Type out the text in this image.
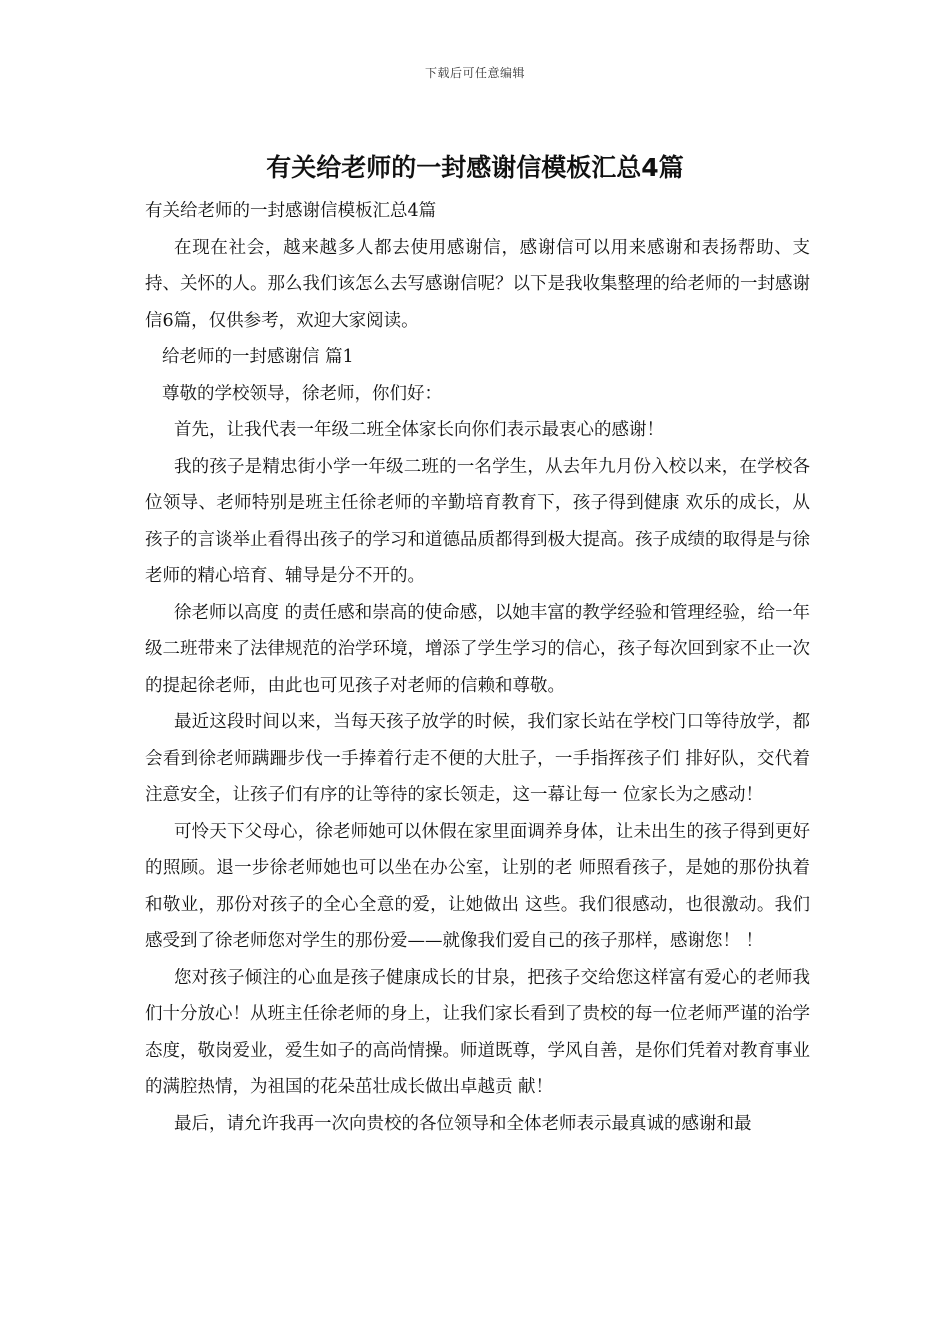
下载后可任意编辑
有关给老师的一封感谢信模板汇总4篇

有关给老师的一封感谢信模板汇总4篇

在现在社会，越来越多人都去使用感谢信，感谢信可以用来感谢和表扬帮助、支持、关怀的人。那么我们该怎么去写感谢信呢？以下是我收集整理的给老师的一封感谢信6篇，仅供参考，欢迎大家阅读。

给老师的一封感谢信 篇1

尊敬的学校领导，徐老师，你们好：

首先，让我代表一年级二班全体家长向你们表示最衷心的感谢！

我的孩子是精忠街小学一年级二班的一名学生，从去年九月份入校以来，在学校各位领导、老师特别是班主任徐老师的辛勤培育教育下，孩子得到健康 欢乐的成长，从孩子的言谈举止看得出孩子的学习和道德品质都得到极大提高。孩子成绩的取得是与徐老师的精心培育、辅导是分不开的。

徐老师以高度 的责任感和崇高的使命感，以她丰富的教学经验和管理经验，给一年级二班带来了法律规范的治学环境，增添了学生学习的信心，孩子每次回到家不止一次的提起徐老师，由此也可见孩子对老师的信赖和尊敬。

最近这段时间以来，当每天孩子放学的时候，我们家长站在学校门口等待放学，都会看到徐老师蹒跚步伐一手捧着行走不便的大肚子，一手指挥孩子们 排好队，交代着注意安全，让孩子们有序的让等待的家长领走，这一幕让每一 位家长为之感动！

可怜天下父母心，徐老师她可以休假在家里面调养身体，让未出生的孩子得到更好的照顾。退一步徐老师她也可以坐在办公室，让别的老 师照看孩子，是她的那份执着和敬业，那份对孩子的全心全意的爱，让她做出 这些。我们很感动，也很激动。我们感受到了徐老师您对学生的那份爱——就像我们爱自己的孩子那样，感谢您！ ！

您对孩子倾注的心血是孩子健康成长的甘泉，把孩子交给您这样富有爱心的老师我们十分放心！从班主任徐老师的身上，让我们家长看到了贵校的每一位老师严谨的治学态度，敬岗爱业，爱生如子的高尚情操。师道既尊，学风自善，是你们凭着对教育事业的满腔热情，为祖国的花朵茁壮成长做出卓越贡 献！

最后，请允许我再一次向贵校的各位领导和全体老师表示最真诚的感谢和最
